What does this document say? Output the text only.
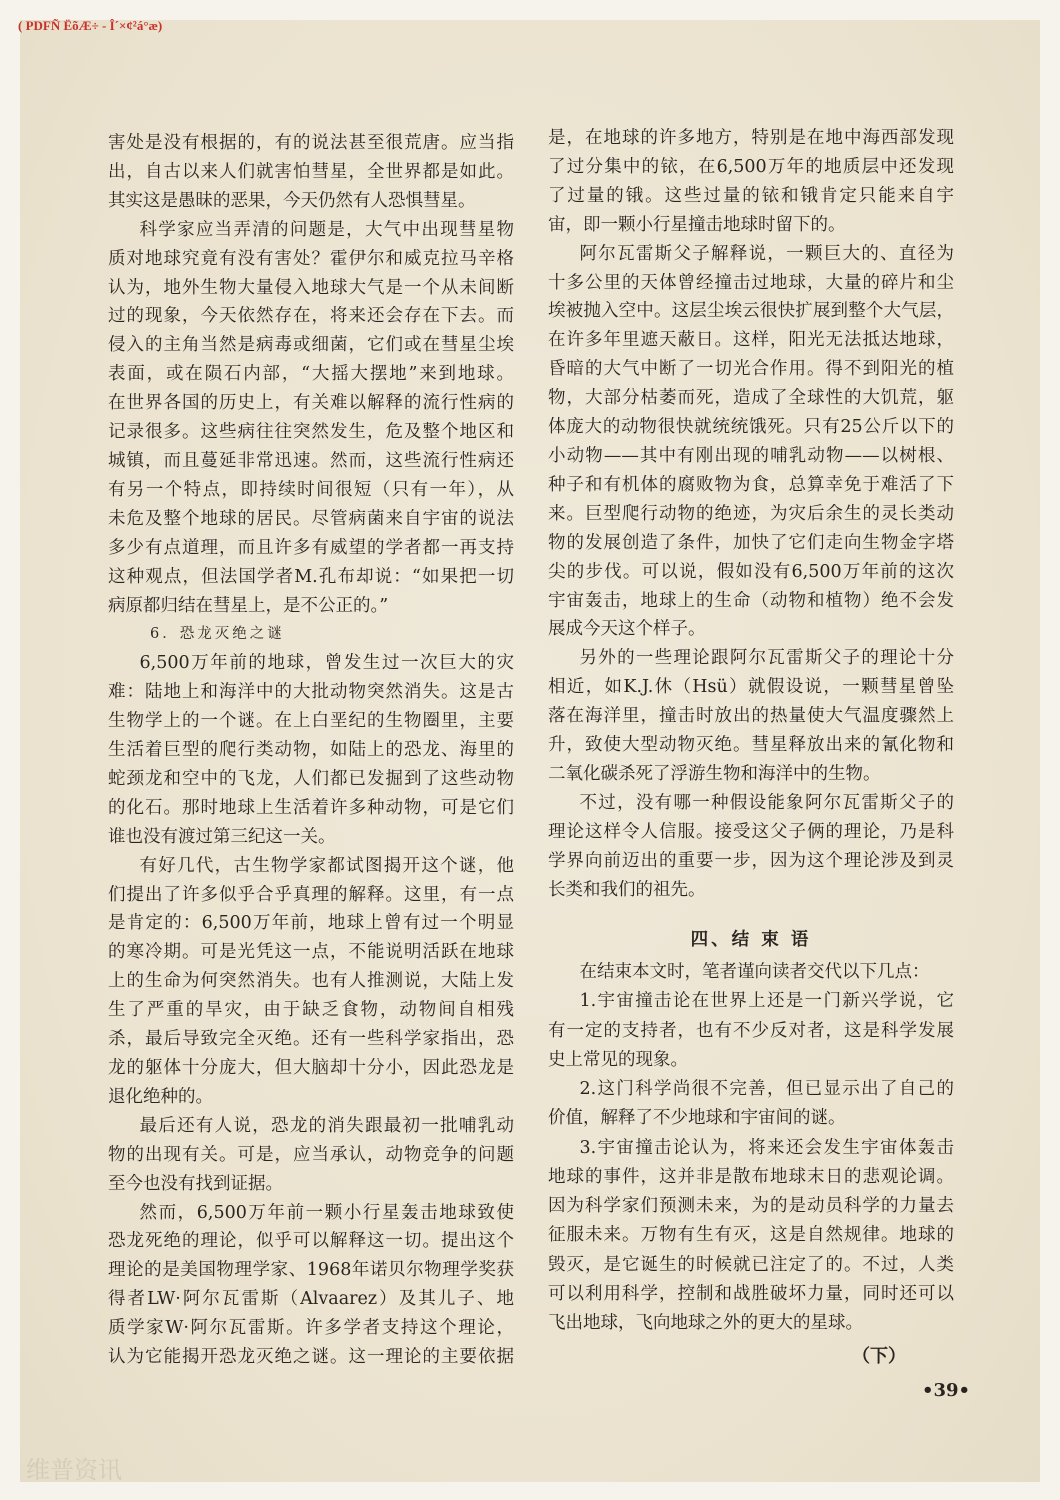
( PDFÑ ËõÆ÷ - Î´×¢²á°æ)
害处是没有根据的，有的说法甚至很荒唐。应当指
出，自古以来人们就害怕彗星，全世界都是如此。
其实这是愚昧的恶果，今天仍然有人恐惧彗星。
科学家应当弄清的问题是，大气中出现彗星物
质对地球究竟有没有害处？霍伊尔和威克拉马辛格
认为，地外生物大量侵入地球大气是一个从未间断
过的现象，今天依然存在，将来还会存在下去。而
侵入的主角当然是病毒或细菌，它们或在彗星尘埃
表面，或在陨石内部，“大摇大摆地”来到地球。
在世界各国的历史上，有关难以解释的流行性病的
记录很多。这些病往往突然发生，危及整个地区和
城镇，而且蔓延非常迅速。然而，这些流行性病还
有另一个特点，即持续时间很短（只有一年），从
未危及整个地球的居民。尽管病菌来自宇宙的说法
多少有点道理，而且许多有威望的学者都一再支持
这种观点，但法国学者M.孔布却说：“如果把一切
病原都归结在彗星上，是不公正的。”
6．恐龙灭绝之谜
6,500万年前的地球，曾发生过一次巨大的灾
难：陆地上和海洋中的大批动物突然消失。这是古
生物学上的一个谜。在上白垩纪的生物圈里，主要
生活着巨型的爬行类动物，如陆上的恐龙、海里的
蛇颈龙和空中的飞龙，人们都已发掘到了这些动物
的化石。那时地球上生活着许多种动物，可是它们
谁也没有渡过第三纪这一关。
有好几代，古生物学家都试图揭开这个谜，他
们提出了许多似乎合乎真理的解释。这里，有一点
是肯定的：6,500万年前，地球上曾有过一个明显
的寒冷期。可是光凭这一点，不能说明活跃在地球
上的生命为何突然消失。也有人推测说，大陆上发
生了严重的旱灾，由于缺乏食物，动物间自相残
杀，最后导致完全灭绝。还有一些科学家指出，恐
龙的躯体十分庞大，但大脑却十分小，因此恐龙是
退化绝种的。
最后还有人说，恐龙的消失跟最初一批哺乳动
物的出现有关。可是，应当承认，动物竞争的问题
至今也没有找到证据。
然而，6,500万年前一颗小行星轰击地球致使
恐龙死绝的理论，似乎可以解释这一切。提出这个
理论的是美国物理学家、1968年诺贝尔物理学奖获
得者LW·阿尔瓦雷斯（Alvaarez）及其儿子、地
质学家W·阿尔瓦雷斯。许多学者支持这个理论，
认为它能揭开恐龙灭绝之谜。这一理论的主要依据
是，在地球的许多地方，特别是在地中海西部发现
了过分集中的铱，在6,500万年的地质层中还发现
了过量的锇。这些过量的铱和锇肯定只能来自宇
宙，即一颗小行星撞击地球时留下的。
阿尔瓦雷斯父子解释说，一颗巨大的、直径为
十多公里的天体曾经撞击过地球，大量的碎片和尘
埃被抛入空中。这层尘埃云很快扩展到整个大气层，
在许多年里遮天蔽日。这样，阳光无法抵达地球，
昏暗的大气中断了一切光合作用。得不到阳光的植
物，大部分枯萎而死，造成了全球性的大饥荒，躯
体庞大的动物很快就统统饿死。只有25公斤以下的
小动物——其中有刚出现的哺乳动物——以树根、
种子和有机体的腐败物为食，总算幸免于难活了下
来。巨型爬行动物的绝迹，为灾后余生的灵长类动
物的发展创造了条件，加快了它们走向生物金字塔
尖的步伐。可以说，假如没有6,500万年前的这次
宇宙轰击，地球上的生命（动物和植物）绝不会发
展成今天这个样子。
另外的一些理论跟阿尔瓦雷斯父子的理论十分
相近，如K.J.休（Hsü）就假设说，一颗彗星曾坠
落在海洋里，撞击时放出的热量使大气温度骤然上
升，致使大型动物灭绝。彗星释放出来的氰化物和
二氧化碳杀死了浮游生物和海洋中的生物。
不过，没有哪一种假设能象阿尔瓦雷斯父子的
理论这样令人信服。接受这父子俩的理论，乃是科
学界向前迈出的重要一步，因为这个理论涉及到灵
长类和我们的祖先。
四、结 束 语
在结束本文时，笔者谨向读者交代以下几点：
1.宇宙撞击论在世界上还是一门新兴学说，它
有一定的支持者，也有不少反对者，这是科学发展
史上常见的现象。
2.这门科学尚很不完善，但已显示出了自己的
价值，解释了不少地球和宇宙间的谜。
3.宇宙撞击论认为，将来还会发生宇宙体轰击
地球的事件，这并非是散布地球末日的悲观论调。
因为科学家们预测未来，为的是动员科学的力量去
征服未来。万物有生有灭，这是自然规律。地球的
毁灭，是它诞生的时候就已注定了的。不过，人类
可以利用科学，控制和战胜破坏力量，同时还可以
飞出地球，飞向地球之外的更大的星球。
（下）
•39•
维普资讯
